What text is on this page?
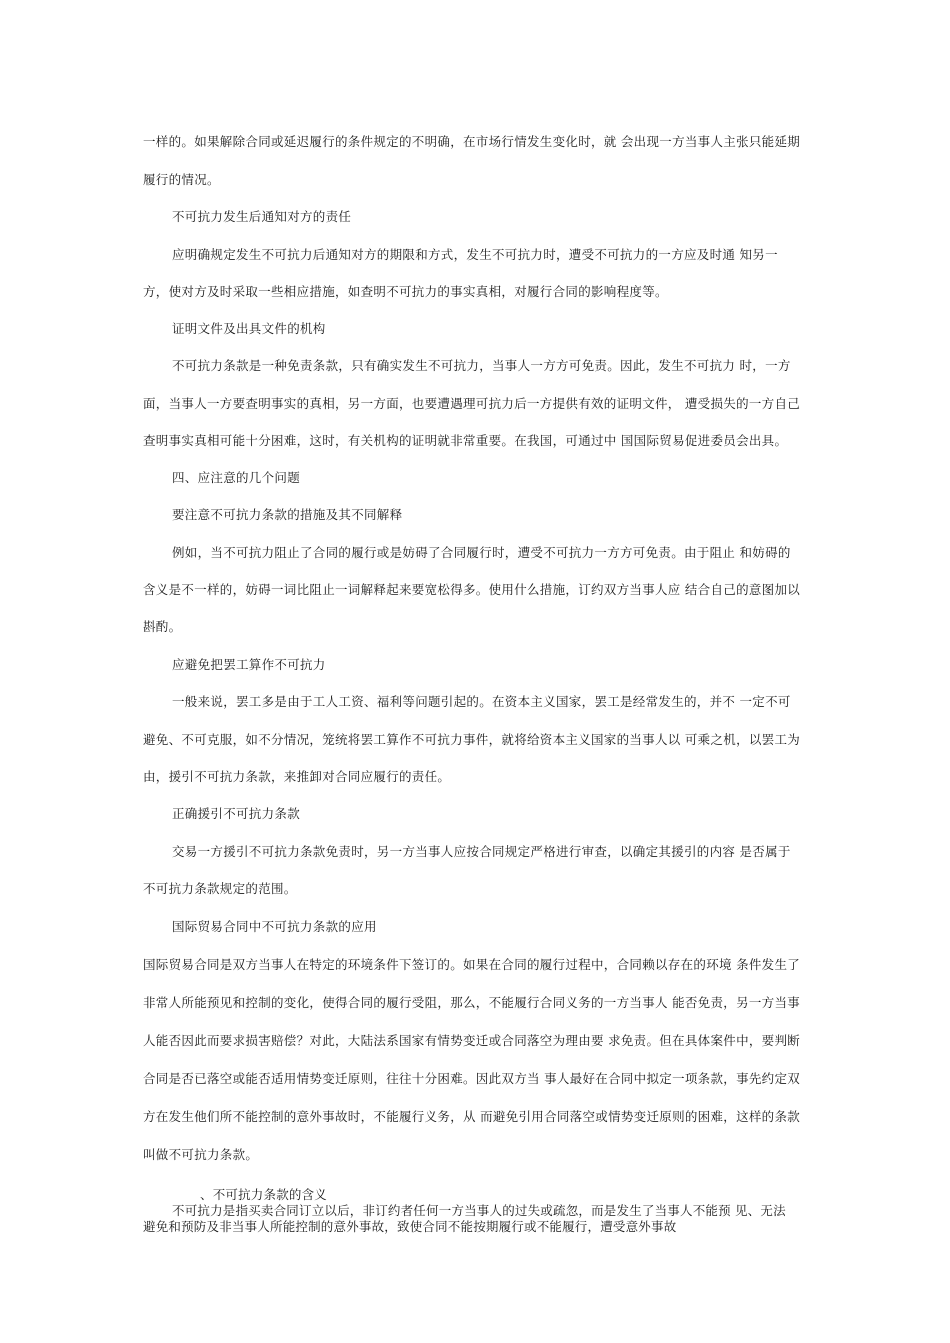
一样的。如果解除合同或延迟履行的条件规定的不明确，在市场行情发生变化时，就 会出现一方当事人主张只能延期
履行的情况。
不可抗力发生后通知对方的责任
应明确规定发生不可抗力后通知对方的期限和方式，发生不可抗力时，遭受不可抗力的一方应及时通 知另一
方，使对方及时采取一些相应措施，如查明不可抗力的事实真相，对履行合同的影响程度等。
证明文件及出具文件的机构
不可抗力条款是一种免责条款，只有确实发生不可抗力，当事人一方方可免责。因此，发生不可抗力 时，一方
面，当事人一方要查明事实的真相，另一方面，也要遭遇理可抗力后一方提供有效的证明文件， 遭受损失的一方自己
查明事实真相可能十分困难，这时，有关机构的证明就非常重要。在我国，可通过中 国国际贸易促进委员会出具。
四、应注意的几个问题
要注意不可抗力条款的措施及其不同解释
例如，当不可抗力阻止了合同的履行或是妨碍了合同履行时，遭受不可抗力一方方可免责。由于阻止 和妨碍的
含义是不一样的，妨碍一词比阻止一词解释起来要宽松得多。使用什么措施，订约双方当事人应 结合自己的意图加以
斟酌。
应避免把罢工算作不可抗力
一般来说，罢工多是由于工人工资、福利等问题引起的。在资本主义国家，罢工是经常发生的，并不 一定不可
避免、不可克服，如不分情况，笼统将罢工算作不可抗力事件，就将给资本主义国家的当事人以 可乘之机，以罢工为
由，援引不可抗力条款，来推卸对合同应履行的责任。
正确援引不可抗力条款
交易一方援引不可抗力条款免责时，另一方当事人应按合同规定严格进行审查，以确定其援引的内容 是否属于
不可抗力条款规定的范围。
国际贸易合同中不可抗力条款的应用
国际贸易合同是双方当事人在特定的环境条件下签订的。如果在合同的履行过程中，合同赖以存在的环境 条件发生了
非常人所能预见和控制的变化，使得合同的履行受阻，那么，不能履行合同义务的一方当事人 能否免责，另一方当事
人能否因此而要求损害赔偿？对此，大陆法系国家有情势变迁或合同落空为理由要 求免责。但在具体案件中，要判断
合同是否已落空或能否适用情势变迁原则，往往十分困难。因此双方当 事人最好在合同中拟定一项条款，事先约定双
方在发生他们所不能控制的意外事故时，不能履行义务，从 而避免引用合同落空或情势变迁原则的困难，这样的条款
叫做不可抗力条款。
、不可抗力条款的含义
不可抗力是指买卖合同订立以后，非订约者任何一方当事人的过失或疏忽，而是发生了当事人不能预 见、无法
避免和预防及非当事人所能控制的意外事故，致使合同不能按期履行或不能履行，遭受意外事故
